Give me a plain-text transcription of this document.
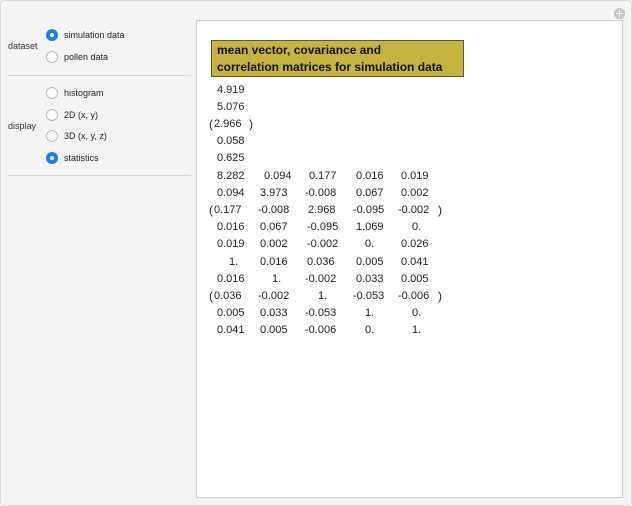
dataset
simulation data
pollen data
display
histogram
2D (x, y)
3D (x, y, z)
statistics
mean vector, covariance and
correlation matrices for simulation data
4.919
5.076
( 2.966 )
0.058
0.625
8.282 0.094 0.177 0.016 0.019
0.094 3.973 -0.008 0.067 0.002
( 0.177 -0.008 2.968 -0.095 -0.002 )
0.016 0.067 -0.095 1.069	0.
0.019 0.002 -0.002 0. 0.026
1. 0.016 0.036 0.005 0.041
0.016 1. -0.002 0.033 0.005
( 0.036 -0.002	1. -0.053 -0.006 )
0.005 0.033 -0.053	1.	0.
0.041 0.005 -0.006	0.	1.
